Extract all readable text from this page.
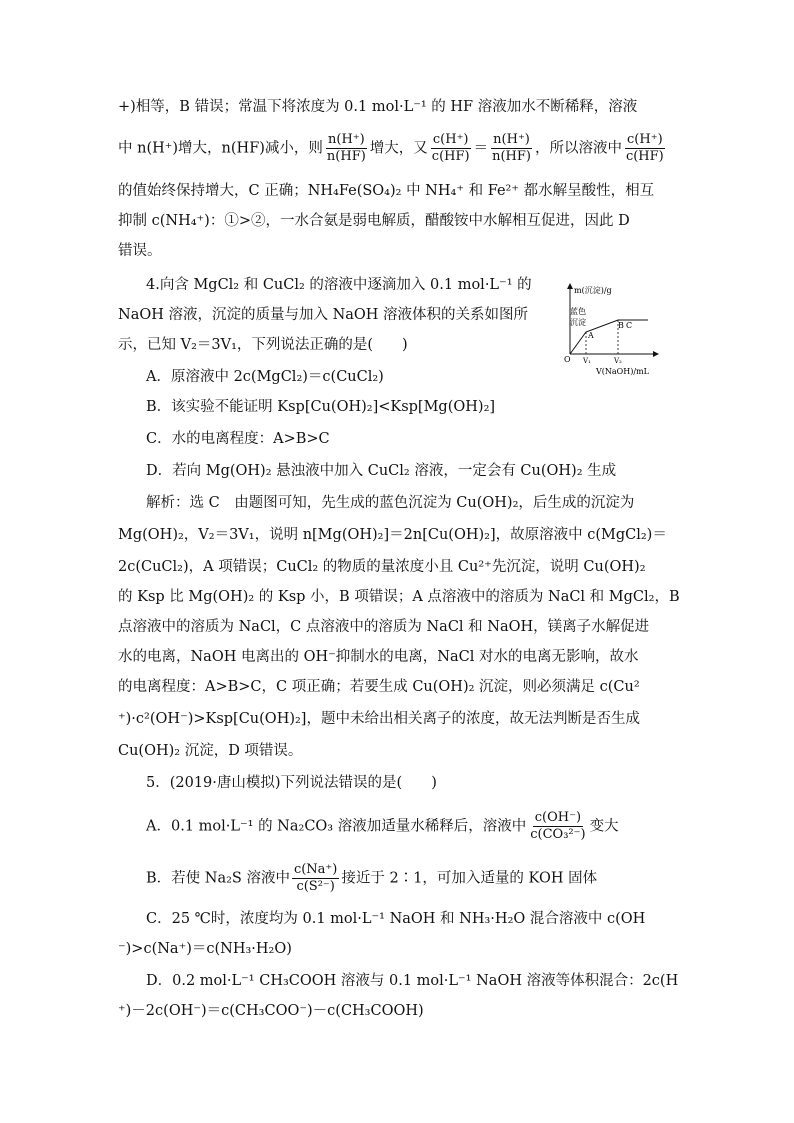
+)相等，B 错误；常温下将浓度为 0.1 mol·L⁻¹ 的 HF 溶液加水不断稀释，溶液
中 n(H⁺)增大，n(HF)减小，则 $\frac{n(H^+)}{n(HF)}$ 增大，又 $\frac{c(H^+)}{c(HF)} = \frac{n(H^+)}{n(HF)}$ ，所以溶液中 $\frac{c(H^+)}{c(HF)}$
的值始终保持增大，C 正确；NH₄Fe(SO₄)₂ 中 NH₄⁺ 和 Fe²⁺ 都水解呈酸性，相互
抑制 c(NH₄⁺)：①>②，一水合氨是弱电解质，醋酸铵中水解相互促进，因此 D
错误。
4.向含 MgCl₂ 和 CuCl₂ 的溶液中逐滴加入 0.1 mol·L⁻¹ 的
NaOH 溶液，沉淀的质量与加入 NaOH 溶液体积的关系如图所
示，已知 V₂＝3V₁，下列说法正确的是(　　)
m(沉淀)/g
V(NaOH)/mL
O V₁	V₂
蓝色
沉淀
A
B C
A．原溶液中 2c(MgCl₂)＝c(CuCl₂)
B．该实验不能证明 Ksp[Cu(OH)₂]<Ksp[Mg(OH)₂]
C．水的电离程度：A>B>C
D．若向 Mg(OH)₂ 悬浊液中加入 CuCl₂ 溶液，一定会有 Cu(OH)₂ 生成
解析：选 C　由题图可知，先生成的蓝色沉淀为 Cu(OH)₂，后生成的沉淀为
Mg(OH)₂，V₂＝3V₁，说明 n[Mg(OH)₂]＝2n[Cu(OH)₂]，故原溶液中 c(MgCl₂)＝
2c(CuCl₂)，A 项错误；CuCl₂ 的物质的量浓度小且 Cu²⁺先沉淀，说明 Cu(OH)₂
的 Ksp 比 Mg(OH)₂ 的 Ksp 小，B 项错误；A 点溶液中的溶质为 NaCl 和 MgCl₂，B
点溶液中的溶质为 NaCl，C 点溶液中的溶质为 NaCl 和 NaOH，镁离子水解促进
水的电离，NaOH 电离出的 OH⁻抑制水的电离，NaCl 对水的电离无影响，故水
的电离程度：A>B>C，C 项正确；若要生成 Cu(OH)₂ 沉淀，则必须满足 c(Cu²
⁺)·c²(OH⁻)>Ksp[Cu(OH)₂]，题中未给出相关离子的浓度，故无法判断是否生成
Cu(OH)₂ 沉淀，D 项错误。
5．(2019·唐山模拟)下列说法错误的是(　　)
A．0.1 mol·L⁻¹ 的 Na₂CO₃ 溶液加适量水稀释后，溶液中 $\frac{c(OH^-)}{\text{c(CO₃²⁻)}}$ 变大
B．若使 Na₂S 溶液中 $\frac{c(Na^+)}{\text{c(S²⁻)}}$ 接近于 2∶1，可加入适量的 KOH 固体
C．25 ℃时，浓度均为 0.1 mol·L⁻¹ NaOH 和 NH₃·H₂O 混合溶液中 c(OH
⁻)>c(Na⁺)＝c(NH₃·H₂O)
D．0.2 mol·L⁻¹ CH₃COOH 溶液与 0.1 mol·L⁻¹ NaOH 溶液等体积混合：2c(H
⁺)－2c(OH⁻)＝c(CH₃COO⁻)－c(CH₃COOH)
